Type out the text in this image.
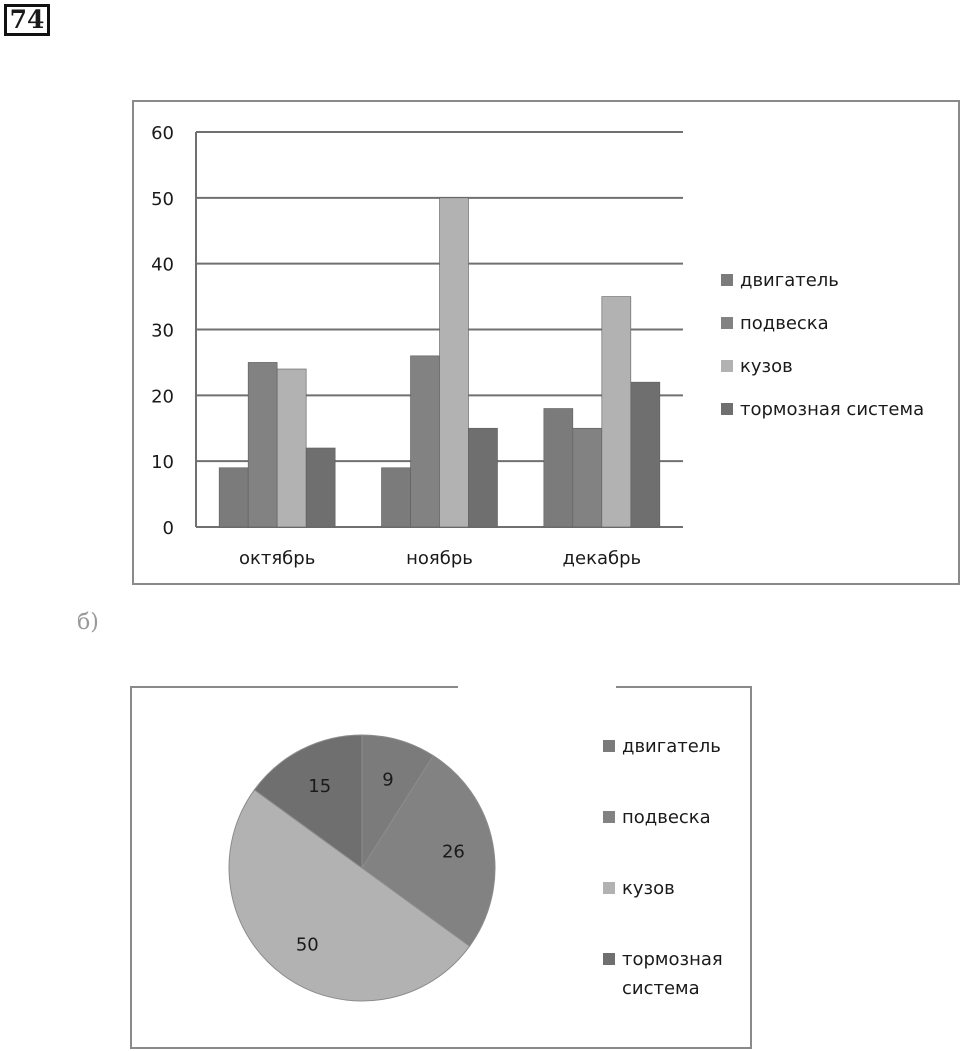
74
0
10
20
30
40
50
60
октябрь	ноябрь	декабрь
двигатель
подвеска
кузов
тормозная система
б)
9
26
50
15
двигатель
подвеска
кузов
тормозная
система
